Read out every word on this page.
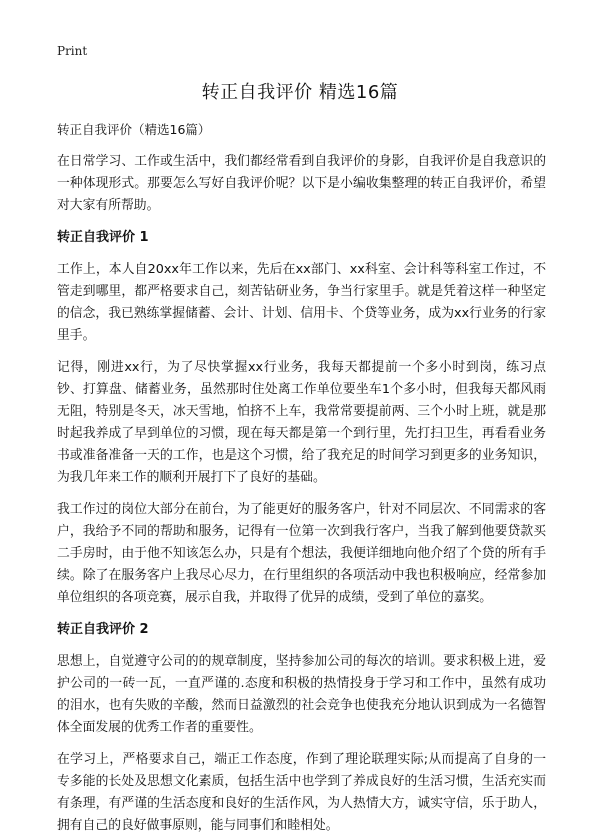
Print
转正自我评价 精选16篇

转正自我评价（精选16篇）

在日常学习、工作或生活中，我们都经常看到自我评价的身影，自我评价是自我意识的一种体现形式。那要怎么写好自我评价呢？以下是小编收集整理的转正自我评价，希望对大家有所帮助。

转正自我评价 1

工作上，本人自20xx年工作以来，先后在xx部门、xx科室、会计科等科室工作过，不管走到哪里，都严格要求自己，刻苦钻研业务，争当行家里手。就是凭着这样一种坚定的信念，我已熟练掌握储蓄、会计、计划、信用卡、个贷等业务，成为xx行业务的行家里手。

记得，刚进xx行，为了尽快掌握xx行业务，我每天都提前一个多小时到岗，练习点钞、打算盘、储蓄业务，虽然那时住处离工作单位要坐车1个多小时，但我每天都风雨无阻，特别是冬天，冰天雪地，怕挤不上车，我常常要提前两、三个小时上班，就是那时起我养成了早到单位的习惯，现在每天都是第一个到行里，先打扫卫生，再看看业务书或准备准备一天的工作，也是这个习惯，给了我充足的时间学习到更多的业务知识，为我几年来工作的顺利开展打下了良好的基础。

我工作过的岗位大部分在前台，为了能更好的服务客户，针对不同层次、不同需求的客户，我给予不同的帮助和服务，记得有一位第一次到我行客户，当我了解到他要贷款买二手房时，由于他不知该怎么办，只是有个想法，我便详细地向他介绍了个贷的所有手续。除了在服务客户上我尽心尽力，在行里组织的各项活动中我也积极响应，经常参加单位组织的各项竞赛，展示自我，并取得了优异的成绩，受到了单位的嘉奖。

转正自我评价 2

思想上，自觉遵守公司的的规章制度，坚持参加公司的每次的培训。要求积极上进，爱护公司的一砖一瓦，一直严谨的.态度和积极的热情投身于学习和工作中，虽然有成功的泪水，也有失败的辛酸，然而日益激烈的社会竞争也使我充分地认识到成为一名德智体全面发展的优秀工作者的重要性。

在学习上，严格要求自己，端正工作态度，作到了理论联理实际;从而提高了自身的一专多能的长处及思想文化素质，包括生活中也学到了养成良好的生活习惯，生活充实而有条理，有严谨的生活态度和良好的生活作风，为人热情大方，诚实守信，乐于助人，拥有自己的良好做事原则，能与同事们和睦相处。
